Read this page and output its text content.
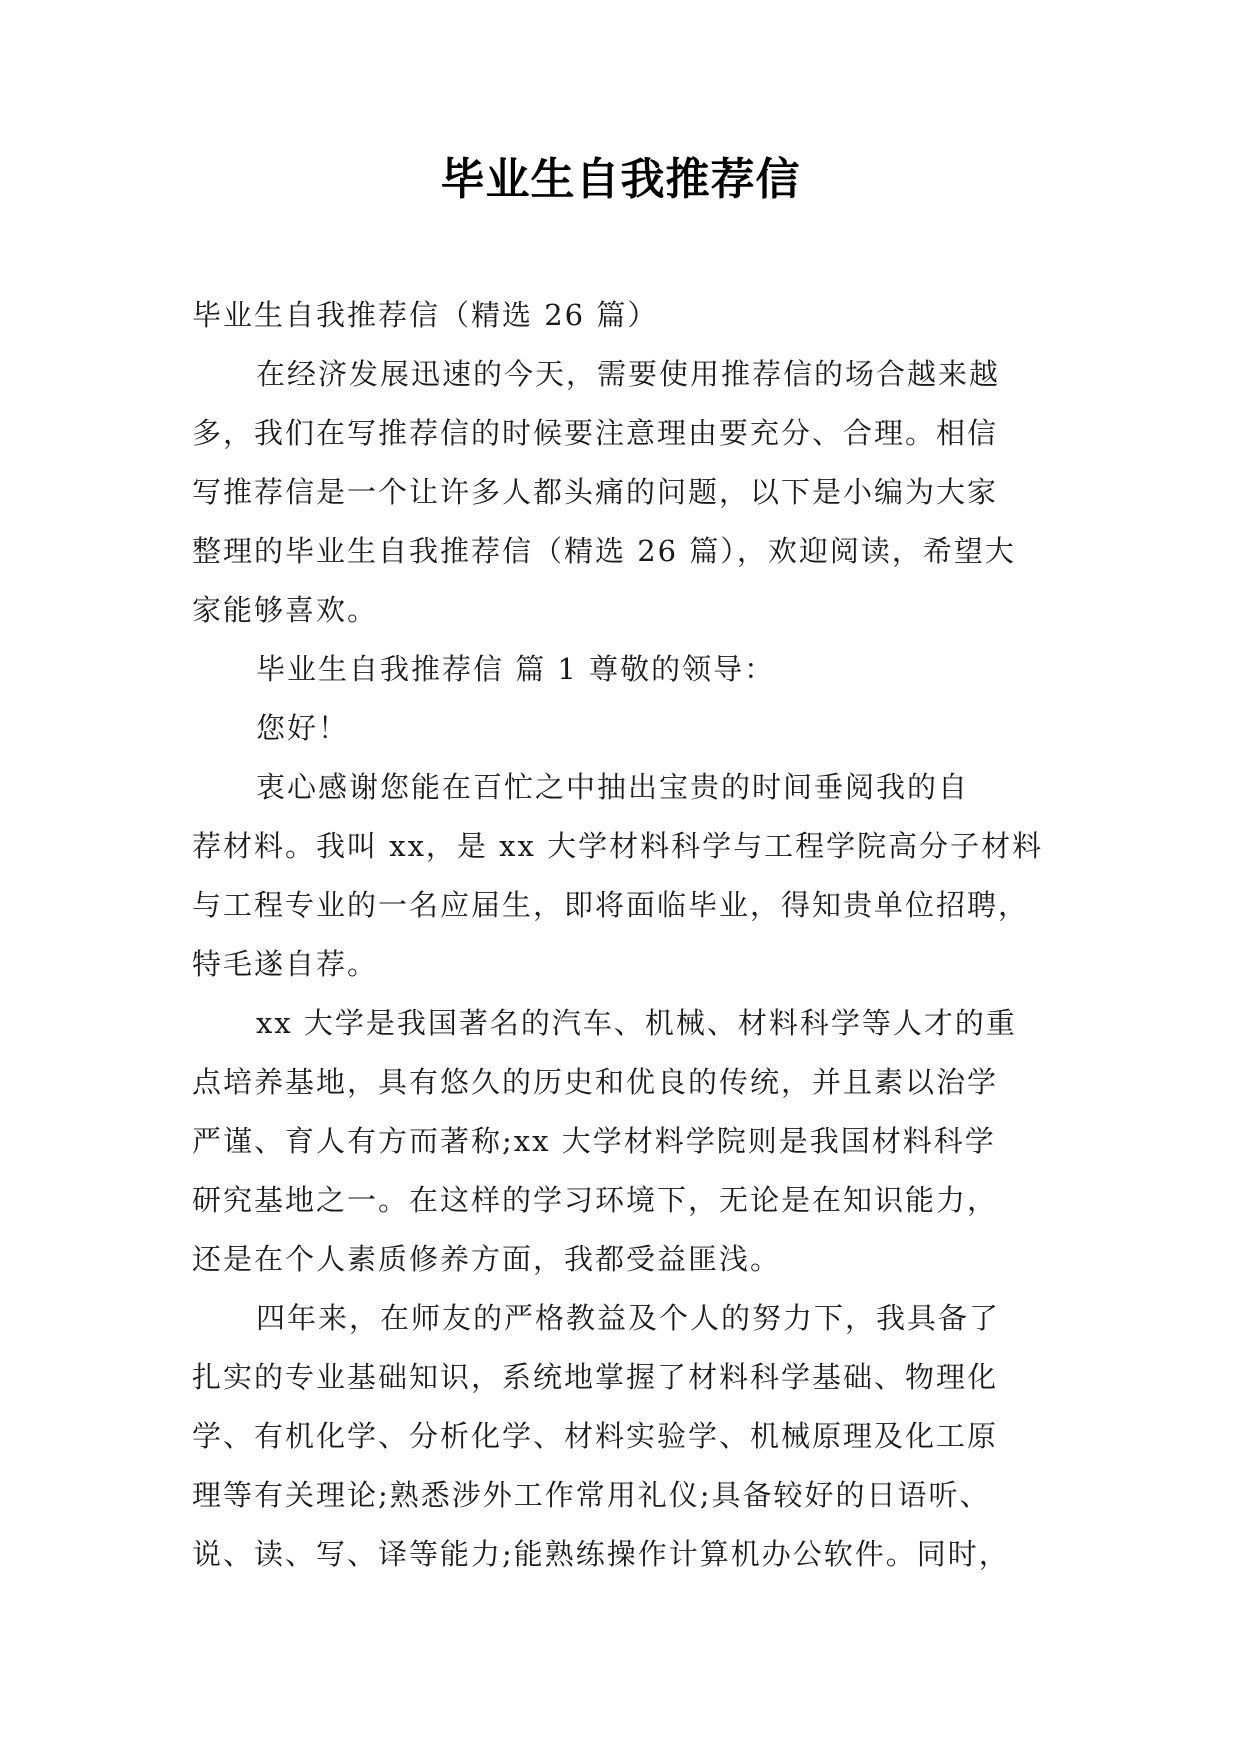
毕业生自我推荐信

毕业生自我推荐信（精选 26 篇）

在经济发展迅速的今天，需要使用推荐信的场合越来越

多，我们在写推荐信的时候要注意理由要充分、合理。相信

写推荐信是一个让许多人都头痛的问题，以下是小编为大家

整理的毕业生自我推荐信（精选 26 篇），欢迎阅读，希望大

家能够喜欢。

毕业生自我推荐信 篇 1 尊敬的领导：

您好！

衷心感谢您能在百忙之中抽出宝贵的时间垂阅我的自

荐材料。我叫 xx，是 xx 大学材料科学与工程学院高分子材料

与工程专业的一名应届生，即将面临毕业，得知贵单位招聘，

特毛遂自荐。

xx 大学是我国著名的汽车、机械、材料科学等人才的重

点培养基地，具有悠久的历史和优良的传统，并且素以治学

严谨、育人有方而著称;xx 大学材料学院则是我国材料科学

研究基地之一。在这样的学习环境下，无论是在知识能力，

还是在个人素质修养方面，我都受益匪浅。

四年来，在师友的严格教益及个人的努力下，我具备了

扎实的专业基础知识，系统地掌握了材料科学基础、物理化

学、有机化学、分析化学、材料实验学、机械原理及化工原

理等有关理论;熟悉涉外工作常用礼仪;具备较好的日语听、

说、读、写、译等能力;能熟练操作计算机办公软件。同时，
